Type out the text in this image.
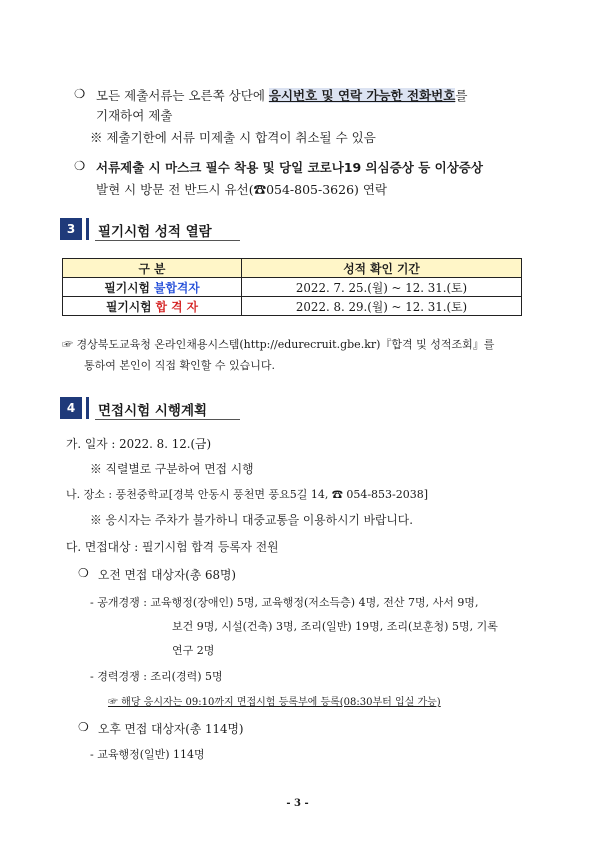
❍ 모든 제출서류는 오른쪽 상단에 응시번호 및 연락 가능한 전화번호를
기재하여 제출
※ 제출기한에 서류 미제출 시 합격이 취소될 수 있음
❍ 서류제출 시 마스크 필수 착용 및 당일 코로나19 의심증상 등 이상증상
발현 시 방문 전 반드시 유선(☎054-805-3626) 연락
3	필기시험 성적 열람
구 분	성적 확인 기간
필기시험 불합격자	2022. 7. 25.(월) ~ 12. 31.(토)
필기시험 합 격 자	2022. 8. 29.(월) ~ 12. 31.(토)
☞ 경상북도교육청 온라인채용시스템(http://edurecruit.gbe.kr)『합격 및 성적조회』를
통하여 본인이 직접 확인할 수 있습니다.
4	면접시험 시행계획
가. 일자 : 2022. 8. 12.(금)
※ 직렬별로 구분하여 면접 시행
나. 장소 : 풍천중학교[경북 안동시 풍천면 풍요5길 14, ☎ 054-853-2038]
※ 응시자는 주차가 불가하니 대중교통을 이용하시기 바랍니다.
다. 면접대상 : 필기시험 합격 등록자 전원
❍ 오전 면접 대상자(총 68명)
- 공개경쟁 : 교육행정(장애인) 5명, 교육행정(저소득층) 4명, 전산 7명, 사서 9명,
보건 9명, 시설(건축) 3명, 조리(일반) 19명, 조리(보훈청) 5명, 기록
연구 2명
- 경력경쟁 : 조리(경력) 5명
☞ 해당 응시자는 09:10까지 면접시험 등록부에 등록(08:30부터 입실 가능)
❍ 오후 면접 대상자(총 114명)
- 교육행정(일반) 114명
- 3 -
